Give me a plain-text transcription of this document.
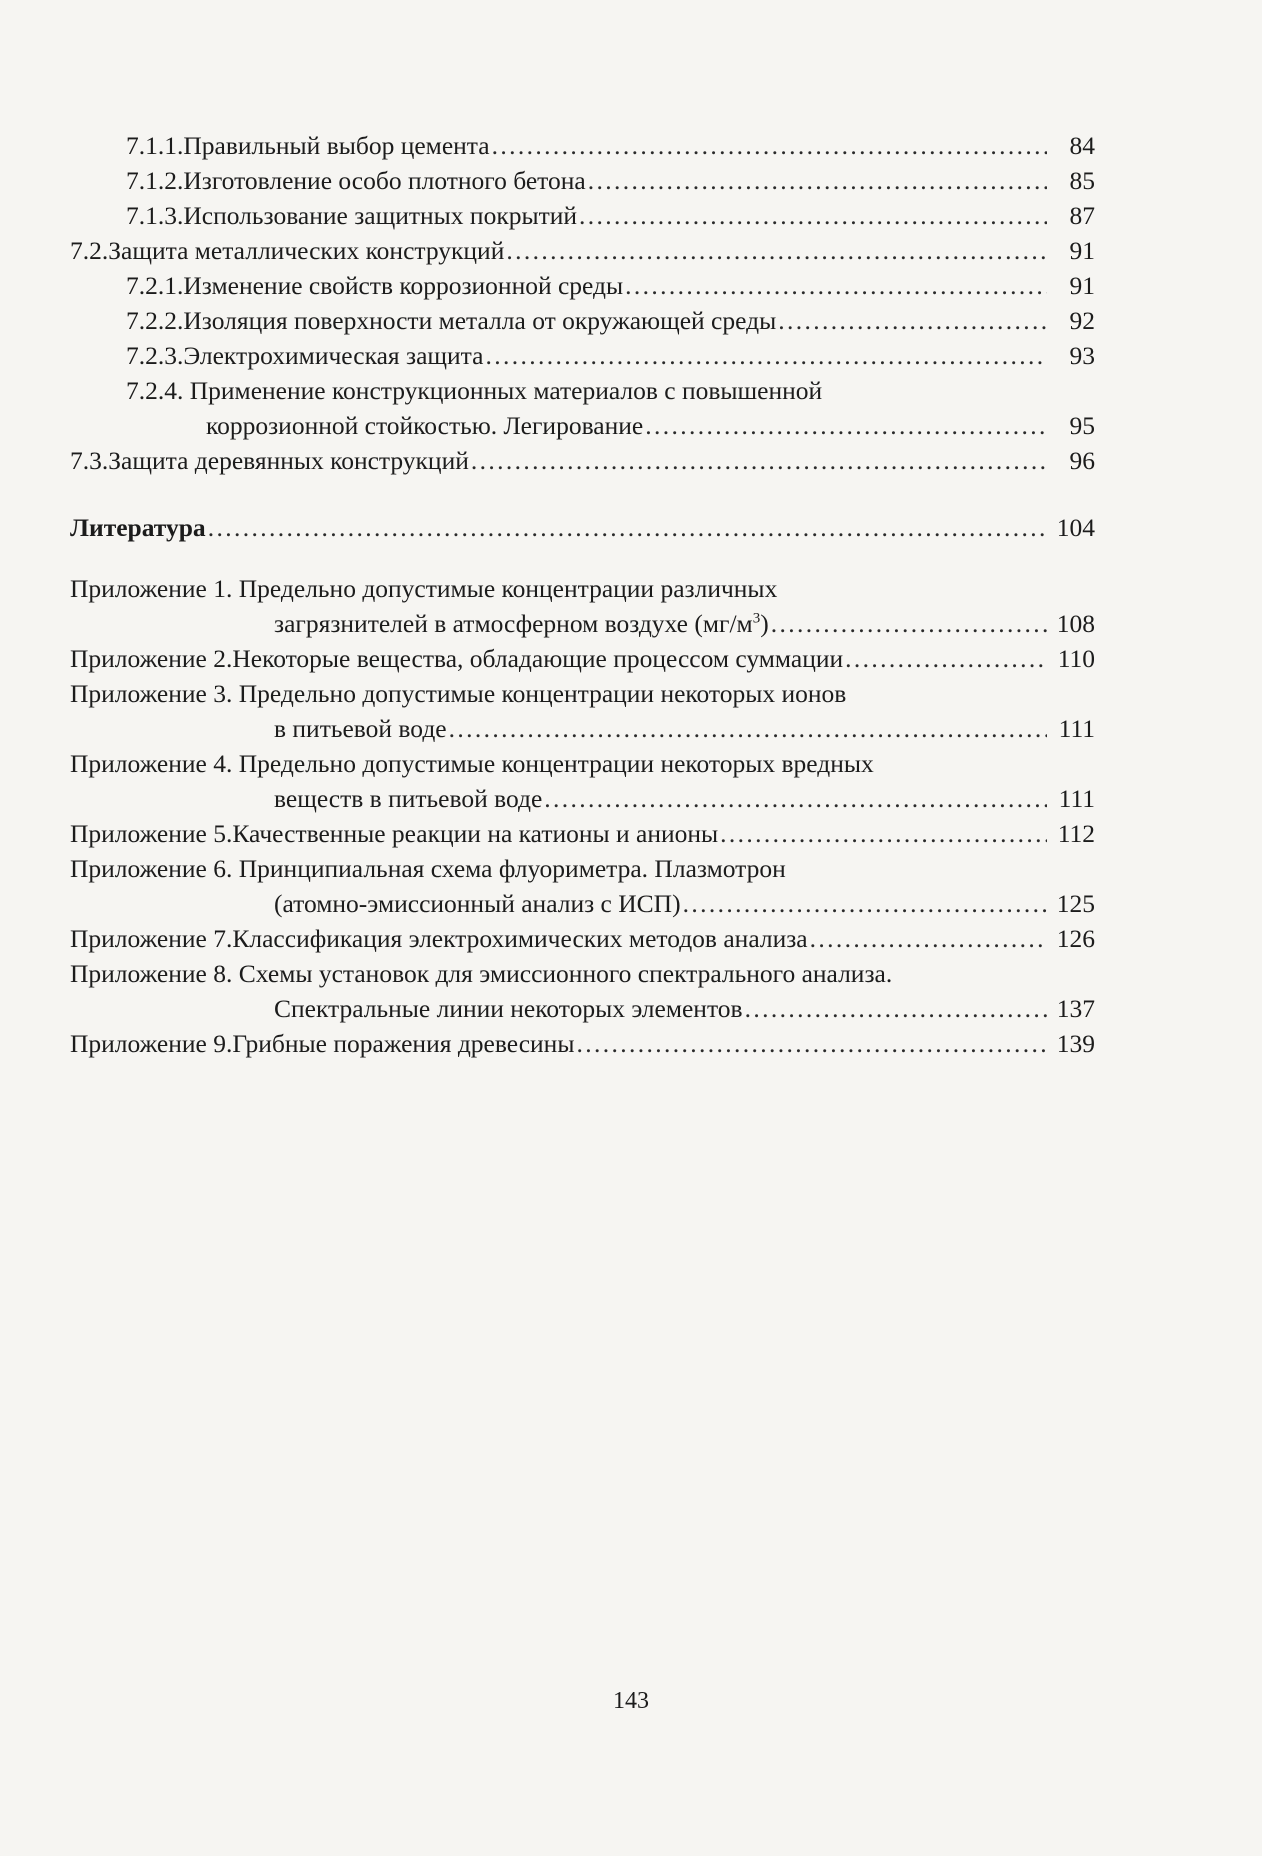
7.1.1. Правильный выбор цемента . . .	84
7.1.2. Изготовление особо плотного бетона . . .	85
7.1.3. Использование защитных покрытий . . .	87
7.2. Защита металлических конструкций . . .	91
7.2.1. Изменение свойств коррозионной среды . . .	91
7.2.2. Изоляция поверхности металла от окружающей среды . . .	92
7.2.3. Электрохимическая защита . . .	93
7.2.4. Применение конструкционных материалов с повышенной
коррозионной стойкостью. Легирование . . .	95
7.3. Защита деревянных конструкций . . .	96
Литература . . .	104
Приложение 1. Предельно допустимые концентрации различных
загрязнителей в атмосферном воздухе $(мг/м^3)$ . . .	108
Приложение 2. Некоторые вещества, обладающие процессом суммации . . .	110
Приложение 3. Предельно допустимые концентрации некоторых ионов
в питьевой воде . . .	111
Приложение 4. Предельно допустимые концентрации некоторых вредных
веществ в питьевой воде . . .	111
Приложение 5. Качественные реакции на катионы и анионы . . .	112
Приложение 6. Принципиальная схема флуориметра. Плазмотрон
(атомно-эмиссионный анализ с ИСП) . . .	125
Приложение 7. Классификация электрохимических методов анализа . . .	126
Приложение 8. Схемы установок для эмиссионного спектрального анализа.
Спектральные линии некоторых элементов . . .	137
Приложение 9. Грибные поражения древесины . . .	139
143
